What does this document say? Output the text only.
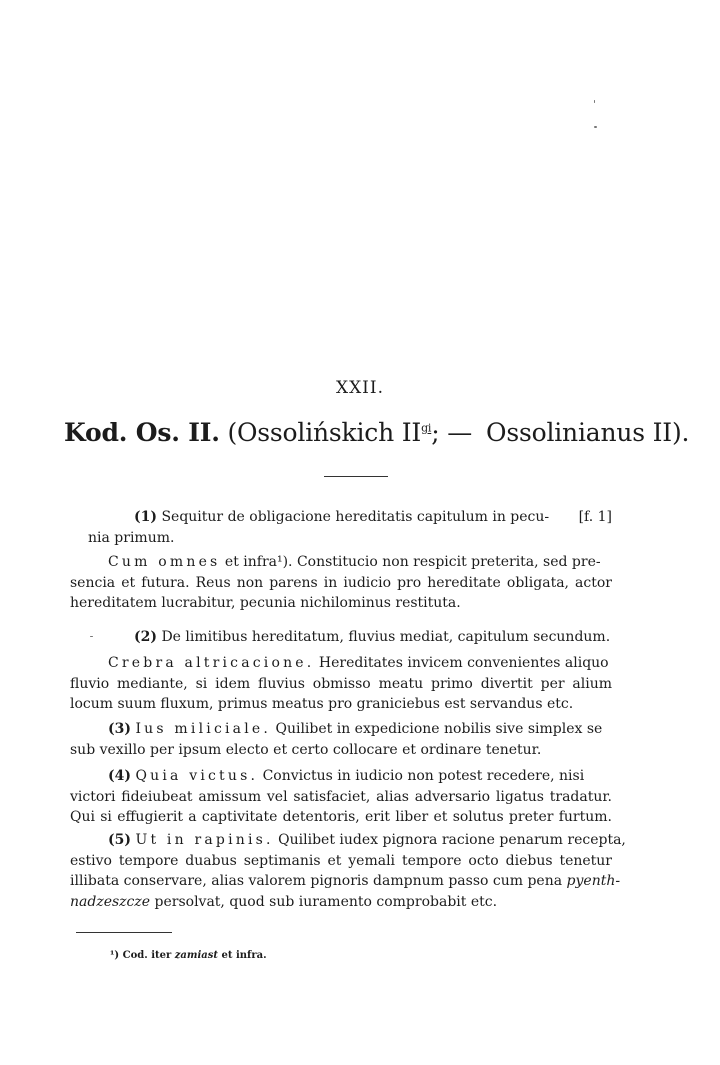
XXII.
Kod. Os. II. (Ossolińskich $II^{gi}$; — Ossolinianus II).
(1) Sequitur de obligacione hereditatis capitulum in pecu- [f. 1]
nia primum.
Cum omnes et infra¹). Constitucio non respicit preterita, sed pre-
sencia et futura. Reus non parens in iudicio pro hereditate obligata, actor
hereditatem lucrabitur, pecunia nichilominus restituta.
(2) De limitibus hereditatum, fluvius mediat, capitulum secundum.
Crebra altricacione. Hereditates invicem convenientes aliquo
fluvio mediante, si idem fluvius obmisso meatu primo divertit per alium
locum suum fluxum, primus meatus pro graniciebus est servandus etc.
(3) Ius miliciale. Quilibet in expedicione nobilis sive simplex se
sub vexillo per ipsum electo et certo collocare et ordinare tenetur.
(4) Quia victus. Convictus in iudicio non potest recedere, nisi
victori fideiubeat amissum vel satisfaciet, alias adversario ligatus tradatur.
Qui si effugierit a captivitate detentoris, erit liber et solutus preter furtum.
(5) Ut in rapinis. Quilibet iudex pignora racione penarum recepta,
estivo tempore duabus septimanis et yemali tempore octo diebus tenetur
illibata conservare, alias valorem pignoris dampnum passo cum pena pyenth-
nadzeszcze persolvat, quod sub iuramento comprobabit etc.
¹) Cod. iter zamiast et infra.
